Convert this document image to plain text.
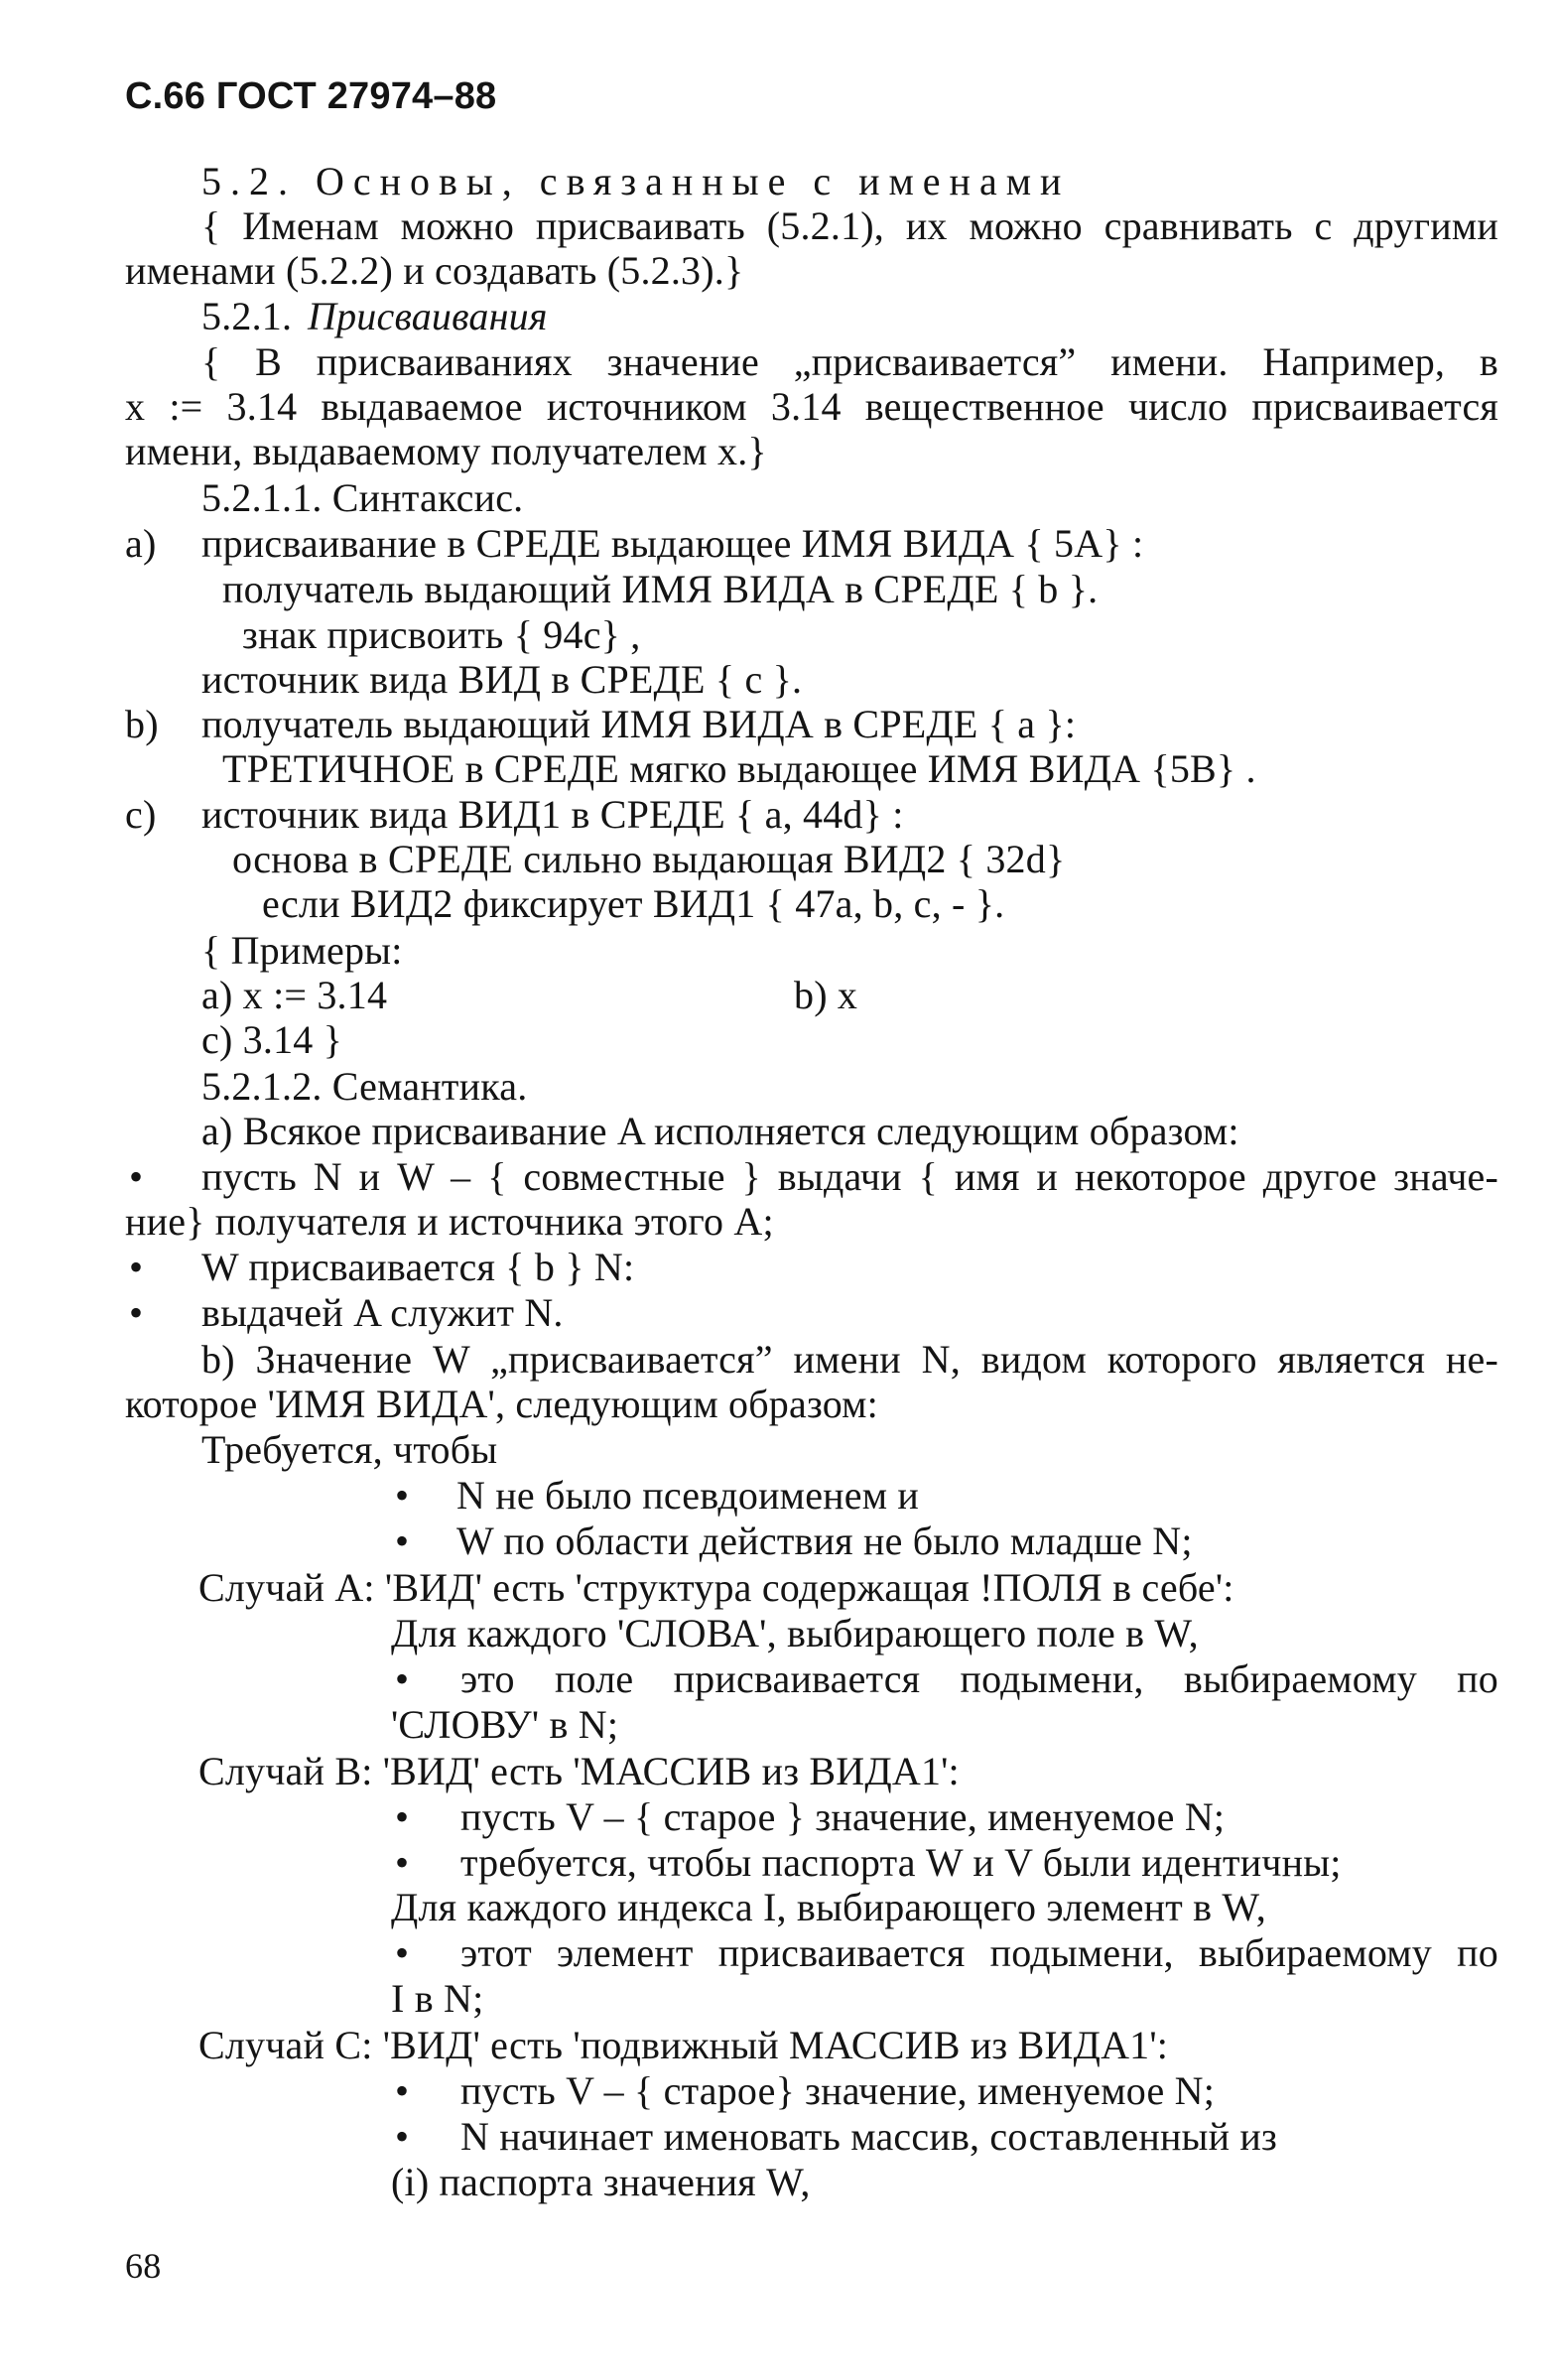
С.66 ГОСТ 27974–88
5.2. Основы, связанные с именами
{ Именам можно присваивать (5.2.1), их можно сравнивать с другими
именами (5.2.2) и создавать (5.2.3).}
5.2.1. Присваивания
{ В присваиваниях значение „присваивается” имени. Например, в
x := 3.14 выдаваемое источником 3.14 вещественное число присваивается
имени, выдаваемому получателем x.}
5.2.1.1. Синтаксис.
a) присваивание в СРЕДЕ выдающее ИМЯ ВИДА { 5A} :
получатель выдающий ИМЯ ВИДА в СРЕДЕ { b }.
знак присвоить { 94c} ,
источник вида ВИД в СРЕДЕ { c }.
b) получатель выдающий ИМЯ ВИДА в СРЕДЕ { a }:
ТРЕТИЧНОЕ в СРЕДЕ мягко выдающее ИМЯ ВИДА {5B} .
c) источник вида ВИД1 в СРЕДЕ { a, 44d} :
основа в СРЕДЕ сильно выдающая ВИД2 { 32d}
если ВИД2 фиксирует ВИД1 { 47a, b, c, - }.
{ Примеры:
a) x := 3.14	b) x
c) 3.14 }
5.2.1.2. Семантика.
a) Всякое присваивание A исполняется следующим образом:
• пусть N и W – { совместные } выдачи { имя и некоторое другое значе-
ние} получателя и источника этого A;
• W присваивается { b } N:
• выдачей A служит N.
b) Значение W „присваивается” имени N, видом которого является не-
которое 'ИМЯ ВИДА', следующим образом:
Требуется, чтобы
• N не было псевдоименем и
• W по области действия не было младше N;
Случай A: 'ВИД' есть 'структура содержащая !ПОЛЯ в себе':
Для каждого 'СЛОВА', выбирающего поле в W,
• это поле присваивается подымени, выбираемому по
'СЛОВУ' в N;
Случай B: 'ВИД' есть 'МАССИВ из ВИДА1':
• пусть V – { старое } значение, именуемое N;
• требуется, чтобы паспорта W и V были идентичны;
Для каждого индекса I, выбирающего элемент в W,
• этот элемент присваивается подымени, выбираемому по
I в N;
Случай C: 'ВИД' есть 'подвижный МАССИВ из ВИДА1':
• пусть V – { старое} значение, именуемое N;
• N начинает именовать массив, составленный из
(i) паспорта значения W,
68
